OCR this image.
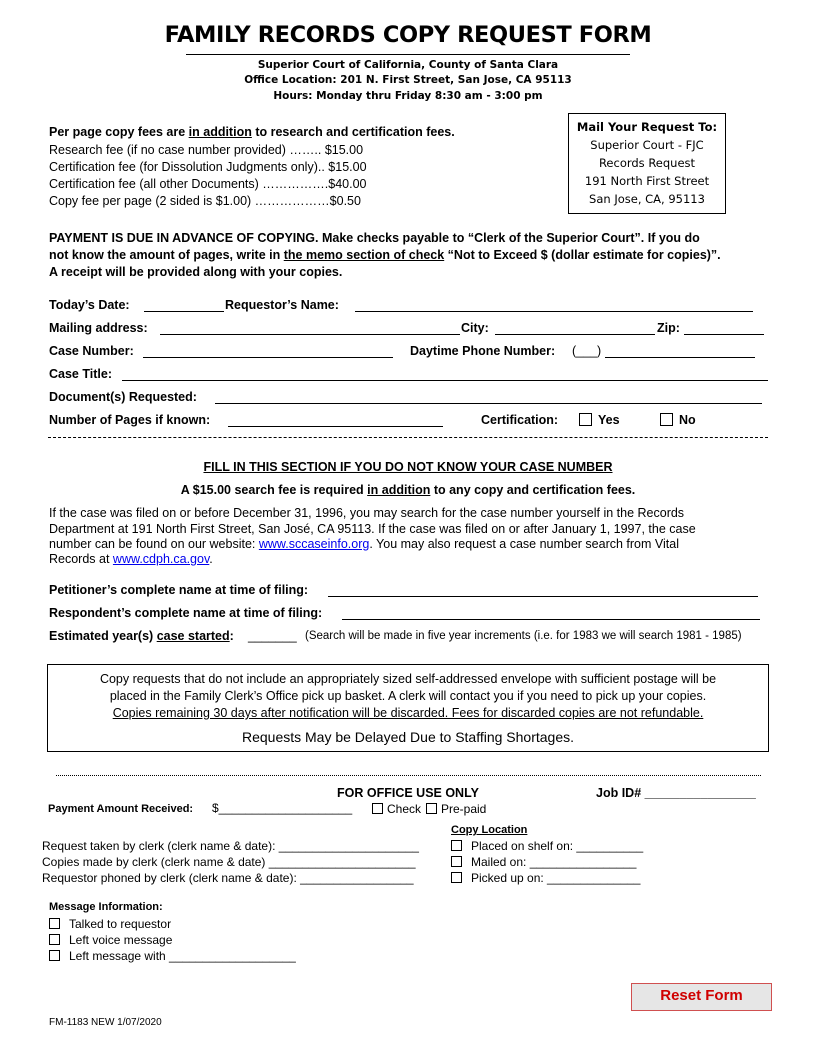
FAMILY RECORDS COPY REQUEST FORM
Superior Court of California, County of Santa Clara
Office Location: 201 N. First Street, San Jose, CA 95113
Hours: Monday thru Friday 8:30 am - 3:00 pm
Per page copy fees are in addition to research and certification fees.
Research fee (if no case number provided) …….. $15.00
Certification fee (for Dissolution Judgments only).. $15.00
Certification fee (all other Documents) …………….$40.00
Copy fee per page (2 sided is $1.00) ………………$0.50
Mail Your Request To:
Superior Court - FJC
Records Request
191 North First Street
San Jose, CA, 95113
PAYMENT IS DUE IN ADVANCE OF COPYING. Make checks payable to “Clerk of the Superior Court”. If you do
not know the amount of pages, write in the memo section of check “Not to Exceed $ (dollar estimate for copies)”.
A receipt will be provided along with your copies.
Today’s Date:	Requestor’s Name:
Mailing address:	City:	Zip:
Case Number:	Daytime Phone Number: (___)
Case Title:
Document(s) Requested:
Number of Pages if known:	Certification:	Yes	No
FILL IN THIS SECTION IF YOU DO NOT KNOW YOUR CASE NUMBER
A $15.00 search fee is required in addition to any copy and certification fees.
If the case was filed on or before December 31, 1996, you may search for the case number yourself in the Records
Department at 191 North First Street, San José, CA 95113. If the case was filed on or after January 1, 1997, the case
number can be found on our website: www.sccaseinfo.org. You may also request a case number search from Vital
Records at www.cdph.ca.gov.
Petitioner’s complete name at time of filing:
Respondent’s complete name at time of filing:
Estimated year(s) case started: _______ (Search will be made in five year increments (i.e. for 1983 we will search 1981 - 1985)
Copy requests that do not include an appropriately sized self-addressed envelope with sufficient postage will be
placed in the Family Clerk’s Office pick up basket. A clerk will contact you if you need to pick up your copies.
Copies remaining 30 days after notification will be discarded. Fees for discarded copies are not refundable.
Requests May be Delayed Due to Staffing Shortages.
FOR OFFICE USE ONLY	Job ID# ________________
Payment Amount Received: $____________________	Check Pre-paid
Copy Location
Request taken by clerk (clerk name & date): _____________________
Copies made by clerk (clerk name & date) ______________________
Requestor phoned by clerk (clerk name & date): _________________
Placed on shelf on: __________
Mailed on: ________________
Picked up on: ______________
Message Information:
Talked to requestor
Left voice message
Left message with ___________________
FM-1183 NEW 1/07/2020
Reset Form
